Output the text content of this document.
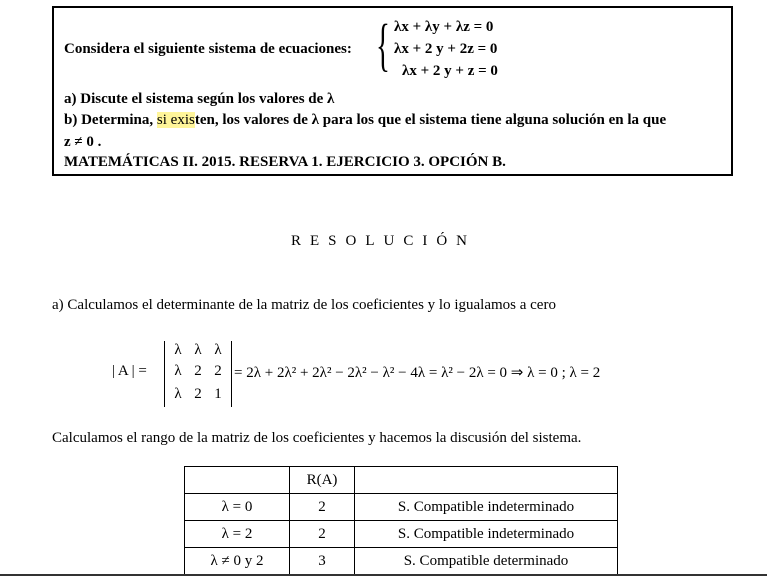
Considera el siguiente sistema de ecuaciones: { λx + λy + λz = 0
λx + 2 y + 2z = 0
λx + 2 y + z = 0
a) Discute el sistema según los valores de λ
b) Determina, si existen, los valores de λ para los que el sistema tiene alguna solución en la que
z ≠ 0 .
MATEMÁTICAS II. 2015. RESERVA 1. EJERCICIO 3. OPCIÓN B.
RESOLUCIÓN
a) Calculamos el determinante de la matriz de los coeficientes y lo igualamos a cero
| A | =
λ λ λ
λ 2 2
λ 2 1
= 2λ + 2λ² + 2λ² − 2λ² − λ² − 4λ = λ² − 2λ = 0 ⇒ λ = 0 ; λ = 2
Calculamos el rango de la matriz de los coeficientes y hacemos la discusión del sistema.
	R(A)	
λ = 0	2	S. Compatible indeterminado
λ = 2	2	S. Compatible indeterminado
λ ≠ 0 y 2	3	S. Compatible determinado
